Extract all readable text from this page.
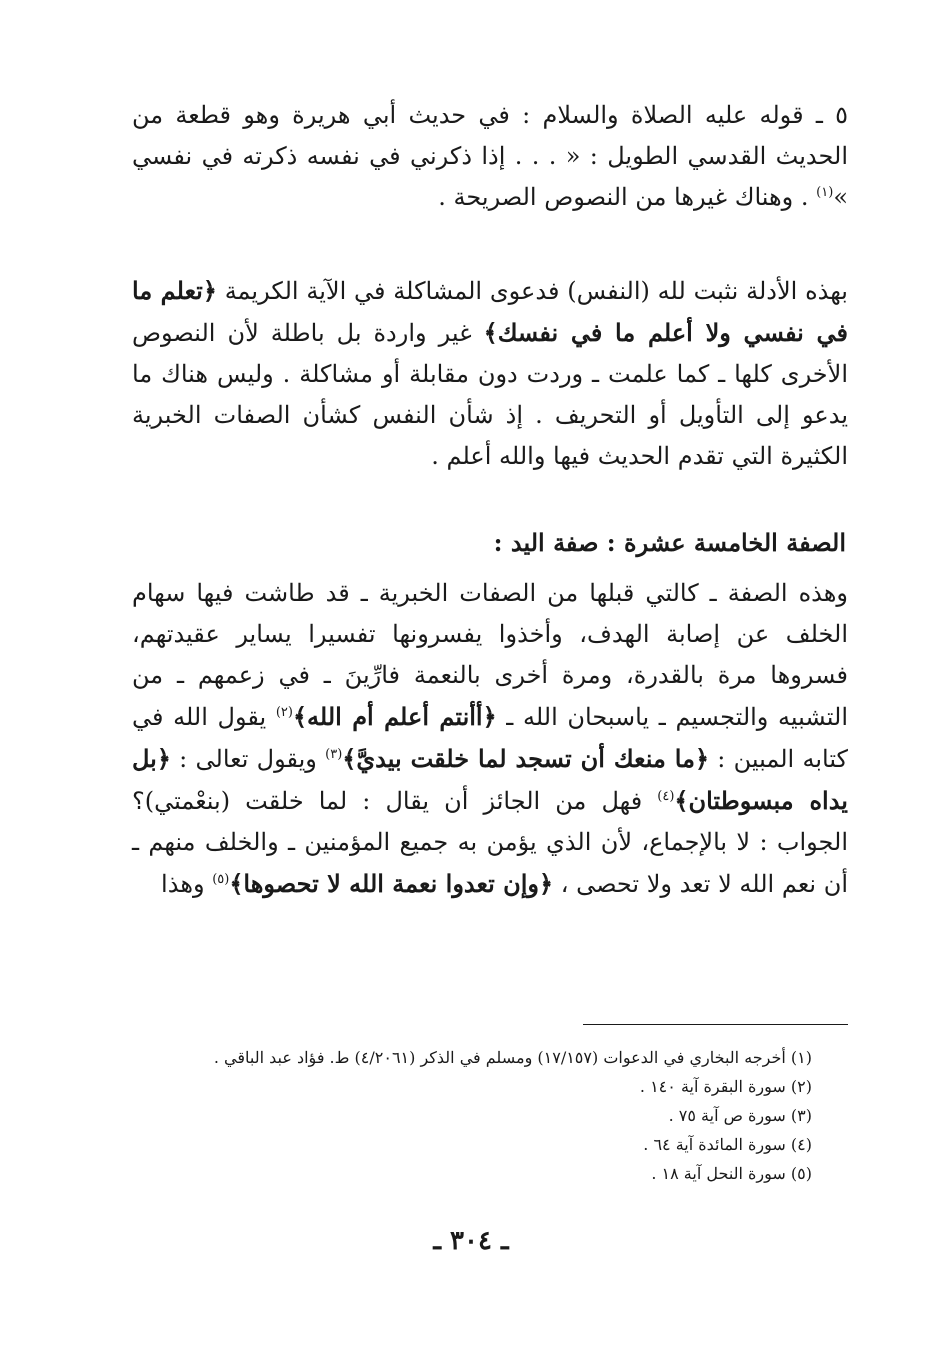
٥ ـ قوله عليه الصلاة والسلام : في حديث أبي هريرة وهو قطعة من الحديث القدسي الطويل : « . . . إذا ذكرني في نفسه ذكرته في نفسي »$^{(١)}$ . وهناك غيرها من النصوص الصريحة .

بهذه الأدلة نثبت لله (النفس) فدعوى المشاكلة في الآية الكريمة ﴿تعلم ما في نفسي ولا أعلم ما في نفسك﴾ غير واردة بل باطلة لأن النصوص الأخرى كلها ـ كما علمت ـ وردت دون مقابلة أو مشاكلة . وليس هناك ما يدعو إلى التأويل أو التحريف . إذ شأن النفس كشأن الصفات الخبرية الكثيرة التي تقدم الحديث فيها والله أعلم .

الصفة الخامسة عشرة : صفة اليد :

وهذه الصفة ـ كالتي قبلها من الصفات الخبرية ـ قد طاشت فيها سهام الخلف عن إصابة الهدف، وأخذوا يفسرونها تفسيرا يساير عقيدتهم، فسروها مرة بالقدرة، ومرة أخرى بالنعمة فارِّينَ ـ في زعمهم ـ من التشبيه والتجسيم ـ ياسبحان الله ـ ﴿أأنتم أعلم أم الله﴾$^{(٢)}$ يقول الله في كتابه المبين : ﴿ما منعك أن تسجد لما خلقت بيديَّ﴾$^{(٣)}$ ويقول تعالى : ﴿بل يداه مبسوطتان﴾$^{(٤)}$ فهل من الجائز أن يقال : لما خلقت (بنعْمتي)؟ الجواب : لا بالإجماع، لأن الذي يؤمن به جميع المؤمنين ـ والخلف منهم ـ أن نعم الله لا تعد ولا تحصى ، ﴿وإن تعدوا نعمة الله لا تحصوها﴾$^{(٥)}$ وهذا

(١) أخرجه البخاري في الدعوات (١٧/١٥٧) ومسلم في الذكر (٤/٢٠٦١) ط. فؤاد عبد الباقي .
(٢) سورة البقرة آية ١٤٠ .
(٣) سورة ص آية ٧٥ .
(٤) سورة المائدة آية ٦٤ .
(٥) سورة النحل آية ١٨ .
ـ ٣٠٤ ـ
